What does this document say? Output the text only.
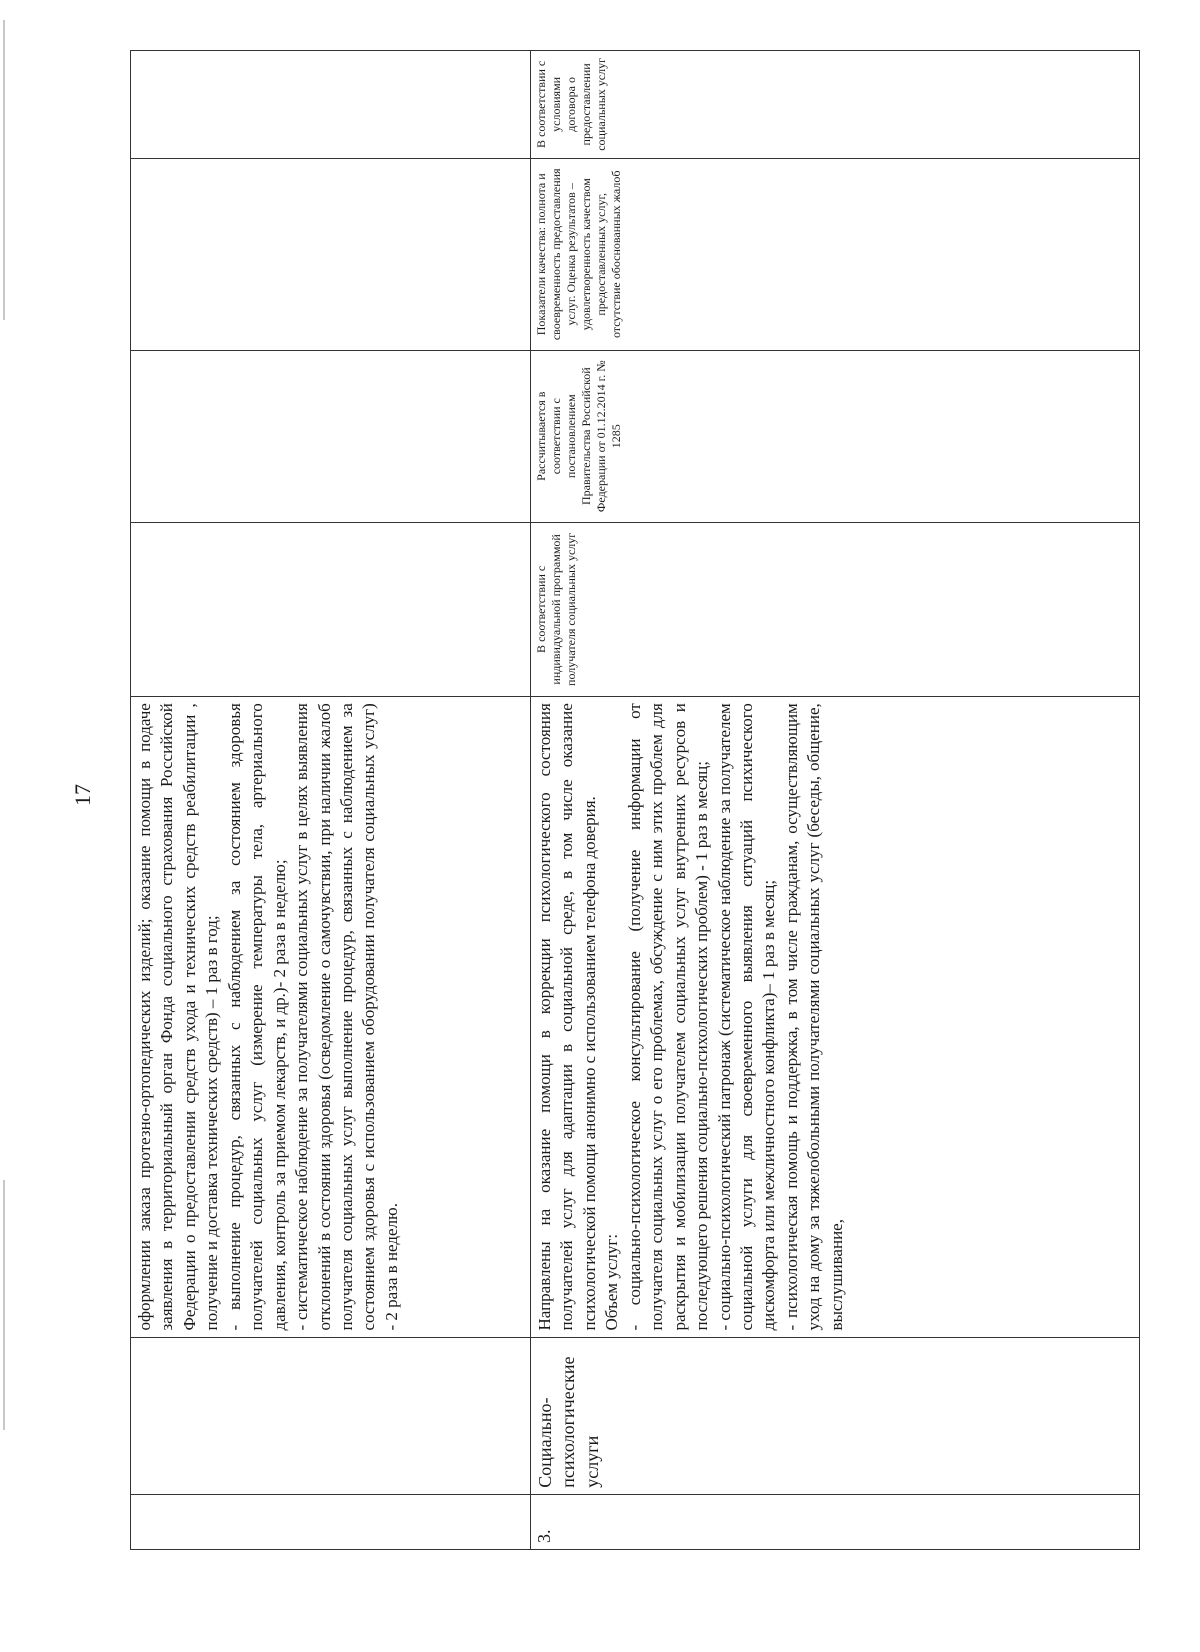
17

		оформлении заказа протезно-ортопедических изделий; оказание помощи в подаче заявления в территориальный орган Фонда социального страхования Российской Федерации о предоставлении средств ухода и технических средств реабилитации , получение и доставка технических средств) – 1 раз в год; - выполнение процедур, связанных с наблюдением за состоянием здоровья получателей социальных услуг (измерение температуры тела, артериального давления, контроль за приемом лекарств, и др.)- 2 раза в неделю; - систематическое наблюдение за получателями социальных услуг в целях выявления отклонений в состоянии здоровья (осведомление о самочувствии, при наличии жалоб получателя социальных услуг выполнение процедур, связанных с наблюдением за состоянием здоровья с использованием оборудовании получателя социальных услуг) - 2 раза в неделю.				

3.	Социально-психологические услуги	Направлены на оказание помощи в коррекции психологического состояния получателей услуг для адаптации в социальной среде, в том числе оказание психологической помощи анонимно с использованием телефона доверия. Объем услуг: - социально-психологическое консультирование (получение информации от получателя социальных услуг о его проблемах, обсуждение с ним этих проблем для раскрытия и мобилизации получателем социальных услуг внутренних ресурсов и последующего решения социально-психологических проблем) - 1 раз в месяц; - социально-психологический патронаж (систематическое наблюдение за получателем социальной услуги для своевременного выявления ситуаций психического дискомфорта или межличностного конфликта)– 1 раз в месяц; - психологическая помощь и поддержка, в том числе гражданам, осуществляющим уход на дому за тяжелобольными получателями социальных услуг (беседы, общение, выслушивание,	В соответствии с индивидуальной программой получателя социальных услуг	Рассчитывается в соответствии с постановлением Правительства Российской Федерации от 01.12.2014 г. № 1285	Показатели качества: полнота и своевременность предоставления услуг. Оценка результатов – удовлетворенность качеством предоставленных услуг, отсутствие обоснованных жалоб	В соответствии с условиями договора о предоставлении социальных услуг
